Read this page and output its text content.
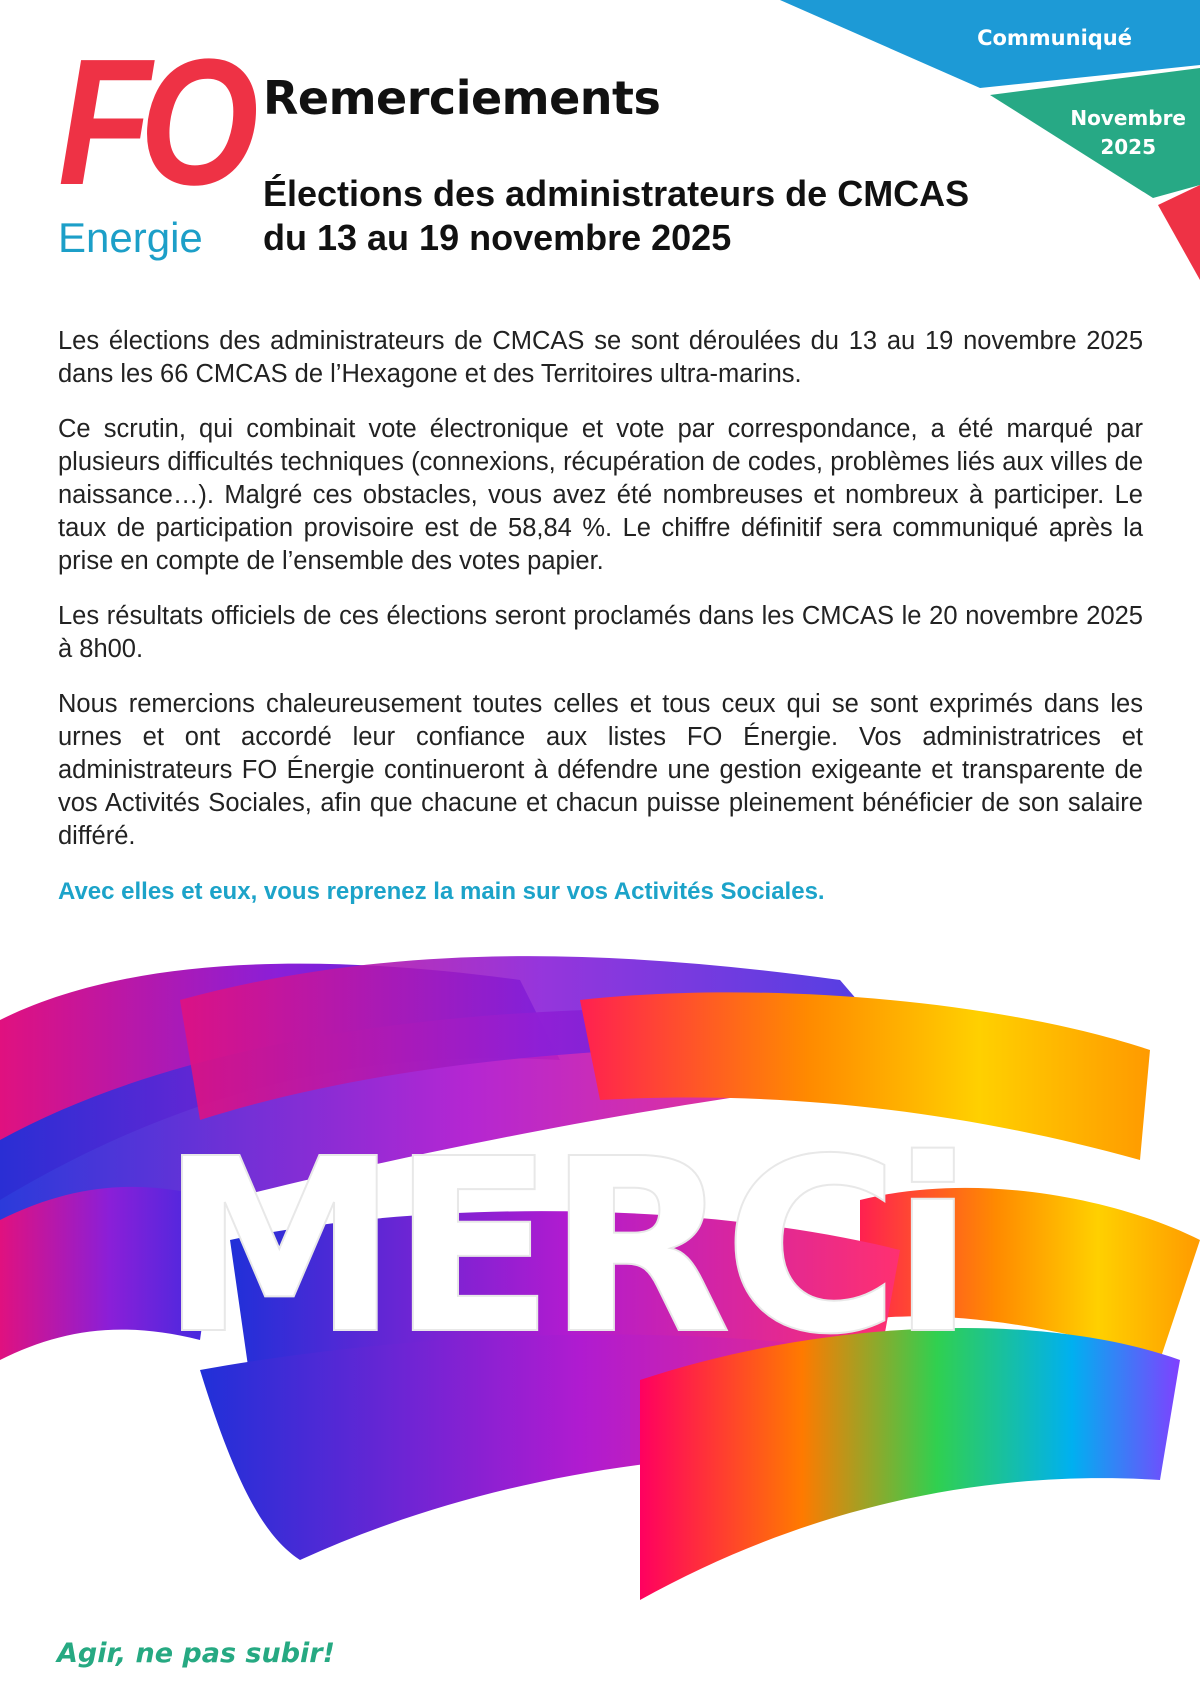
Communiqué
Novembre
2025
FO
Energie
Remerciements
Élections des administrateurs de CMCAS
du 13 au 19 novembre 2025

Les élections des administrateurs de CMCAS se sont déroulées du 13 au 19 novembre 2025 dans les 66 CMCAS de l’Hexagone et des Territoires ultra-marins.

Ce scrutin, qui combinait vote électronique et vote par correspondance, a été marqué par plusieurs difficultés techniques (connexions, récupération de codes, problèmes liés aux villes de naissance…). Malgré ces obstacles, vous avez été nombreuses et nombreux à participer. Le taux de participation provisoire est de 58,84 %. Le chiffre définitif sera communiqué après la prise en compte de l’ensemble des votes papier.

Les résultats officiels de ces élections seront proclamés dans les CMCAS le 20 novembre 2025 à 8h00.

Nous remercions chaleureusement toutes celles et tous ceux qui se sont exprimés dans les urnes et ont accordé leur confiance aux listes FO Énergie. Vos administratrices et administrateurs FO Énergie continueront à défendre une gestion exigeante et transparente de vos Activités Sociales, afin que chacune et chacun puisse pleinement bénéficier de son salaire différé.

Avec elles et eux, vous reprenez la main sur vos Activités Sociales.

MERCi
Agir, ne pas subir!
